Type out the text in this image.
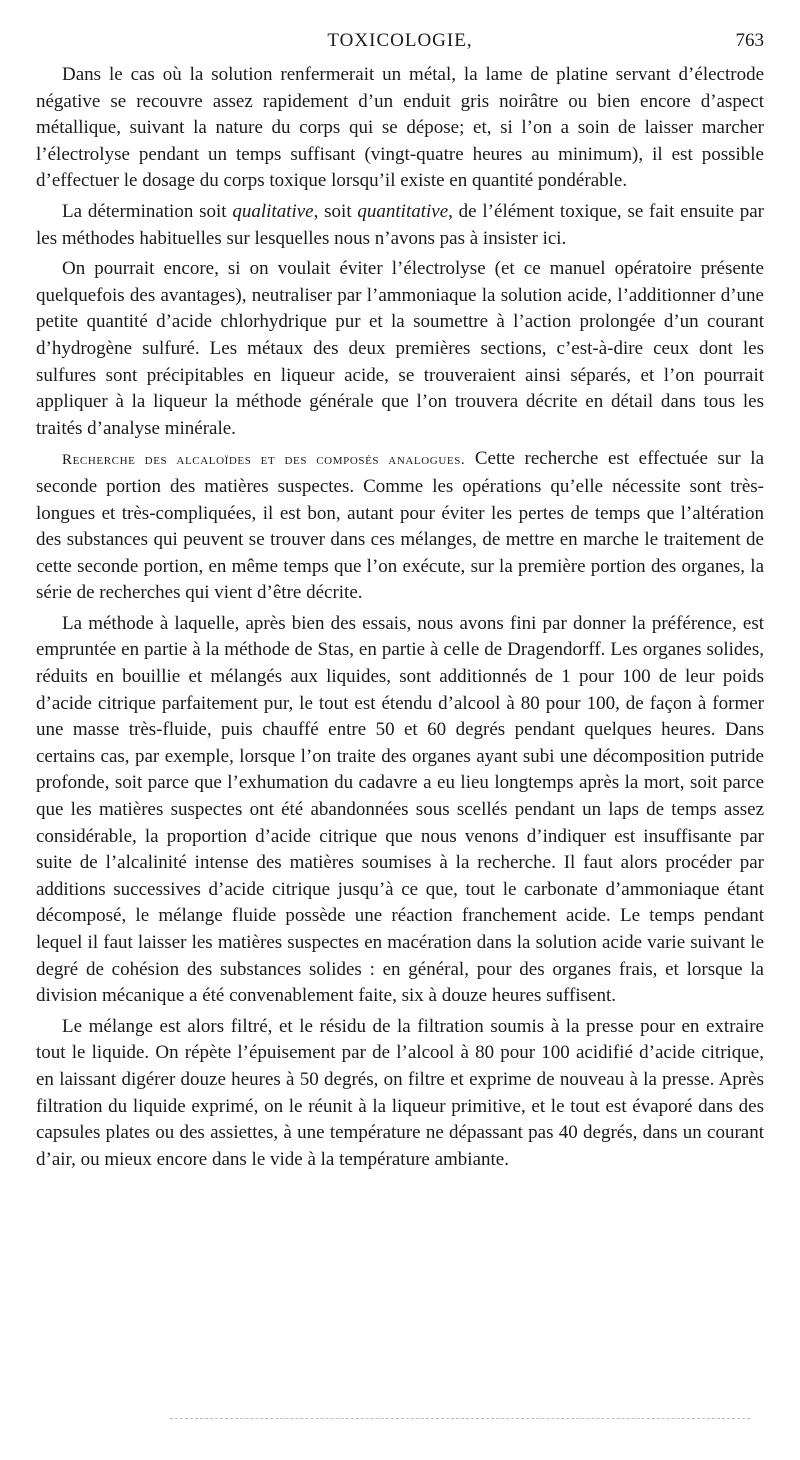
TOXICOLOGIE,	763

Dans le cas où la solution renfermerait un métal, la lame de platine servant d’électrode négative se recouvre assez rapidement d’un enduit gris noirâtre ou bien encore d’aspect métallique, suivant la nature du corps qui se dépose; et, si l’on a soin de laisser marcher l’électrolyse pendant un temps suffisant (vingt-quatre heures au minimum), il est possible d’effectuer le dosage du corps toxique lorsqu’il existe en quantité pondérable.

La détermination soit qualitative, soit quantitative, de l’élément toxique, se fait ensuite par les méthodes habituelles sur lesquelles nous n’avons pas à insister ici.

On pourrait encore, si on voulait éviter l’électrolyse (et ce manuel opératoire présente quelquefois des avantages), neutraliser par l’ammoniaque la solution acide, l’additionner d’une petite quantité d’acide chlorhydrique pur et la soumettre à l’action prolongée d’un courant d’hydrogène sulfuré. Les métaux des deux premières sections, c’est-à-dire ceux dont les sulfures sont précipitables en liqueur acide, se trouveraient ainsi séparés, et l’on pourrait appliquer à la liqueur la méthode générale que l’on trouvera décrite en détail dans tous les traités d’analyse minérale.

Recherche des alcaloïdes et des composés analogues. Cette recherche est effectuée sur la seconde portion des matières suspectes. Comme les opérations qu’elle nécessite sont très-longues et très-compliquées, il est bon, autant pour éviter les pertes de temps que l’altération des substances qui peuvent se trouver dans ces mélanges, de mettre en marche le traitement de cette seconde portion, en même temps que l’on exécute, sur la première portion des organes, la série de recherches qui vient d’être décrite.

La méthode à laquelle, après bien des essais, nous avons fini par donner la préférence, est empruntée en partie à la méthode de Stas, en partie à celle de Dragendorff. Les organes solides, réduits en bouillie et mélangés aux liquides, sont additionnés de 1 pour 100 de leur poids d’acide citrique parfaitement pur, le tout est étendu d’alcool à 80 pour 100, de façon à former une masse très-fluide, puis chauffé entre 50 et 60 degrés pendant quelques heures. Dans certains cas, par exemple, lorsque l’on traite des organes ayant subi une décomposition putride profonde, soit parce que l’exhumation du cadavre a eu lieu longtemps après la mort, soit parce que les matières suspectes ont été abandonnées sous scellés pendant un laps de temps assez considérable, la proportion d’acide citrique que nous venons d’indiquer est insuffisante par suite de l’alcalinité intense des matières soumises à la recherche. Il faut alors procéder par additions successives d’acide citrique jusqu’à ce que, tout le carbonate d’ammoniaque étant décomposé, le mélange fluide possède une réaction franchement acide. Le temps pendant lequel il faut laisser les matières suspectes en macération dans la solution acide varie suivant le degré de cohésion des substances solides : en général, pour des organes frais, et lorsque la division mécanique a été convenablement faite, six à douze heures suffisent.

Le mélange est alors filtré, et le résidu de la filtration soumis à la presse pour en extraire tout le liquide. On répète l’épuisement par de l’alcool à 80 pour 100 acidifié d’acide citrique, en laissant digérer douze heures à 50 degrés, on filtre et exprime de nouveau à la presse. Après filtration du liquide exprimé, on le réunit à la liqueur primitive, et le tout est évaporé dans des capsules plates ou des assiettes, à une température ne dépassant pas 40 degrés, dans un courant d’air, ou mieux encore dans le vide à la température ambiante.
